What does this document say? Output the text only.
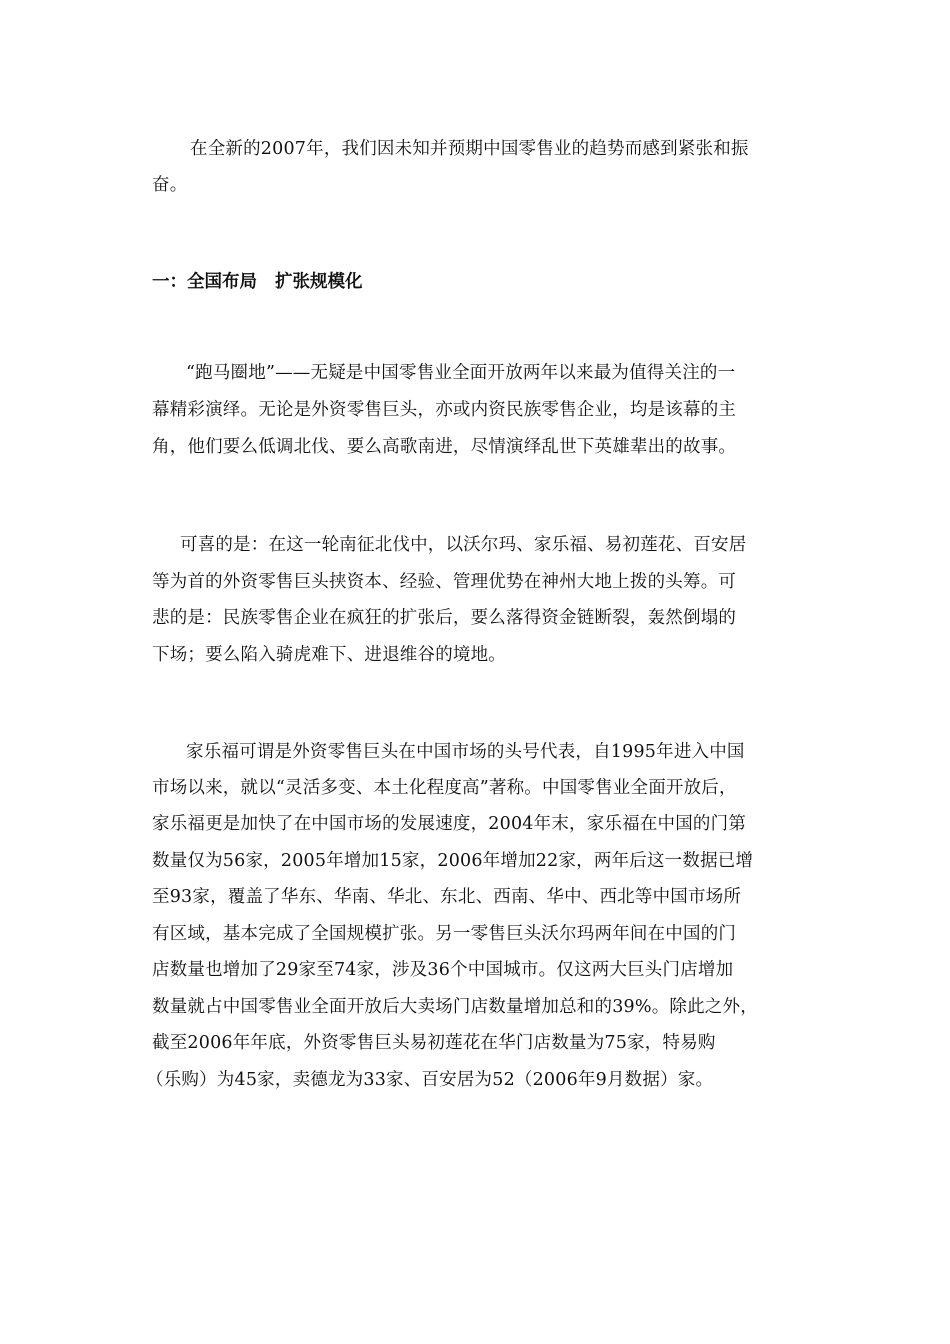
在全新的2007年，我们因未知并预期中国零售业的趋势而感到紧张和振
奋。
一：全国布局 扩张规模化
“跑马圈地”——无疑是中国零售业全面开放两年以来最为值得关注的一
幕精彩演绎。无论是外资零售巨头，亦或内资民族零售企业，均是该幕的主
角，他们要么低调北伐、要么高歌南进，尽情演绎乱世下英雄辈出的故事。
可喜的是：在这一轮南征北伐中，以沃尔玛、家乐福、易初莲花、百安居
等为首的外资零售巨头挟资本、经验、管理优势在神州大地上拨的头筹。可
悲的是：民族零售企业在疯狂的扩张后，要么落得资金链断裂，轰然倒塌的
下场；要么陷入骑虎难下、进退维谷的境地。
家乐福可谓是外资零售巨头在中国市场的头号代表，自1995年进入中国
市场以来，就以“灵活多变、本土化程度高”著称。中国零售业全面开放后，
家乐福更是加快了在中国市场的发展速度，2004年末，家乐福在中国的门第
数量仅为56家，2005年增加15家，2006年增加22家，两年后这一数据已增
至93家，覆盖了华东、华南、华北、东北、西南、华中、西北等中国市场所
有区域，基本完成了全国规模扩张。另一零售巨头沃尔玛两年间在中国的门
店数量也增加了29家至74家，涉及36个中国城市。仅这两大巨头门店增加
数量就占中国零售业全面开放后大卖场门店数量增加总和的39%。除此之外，
截至2006年年底，外资零售巨头易初莲花在华门店数量为75家，特易购
（乐购）为45家，卖德龙为33家、百安居为52（2006年9月数据）家。
